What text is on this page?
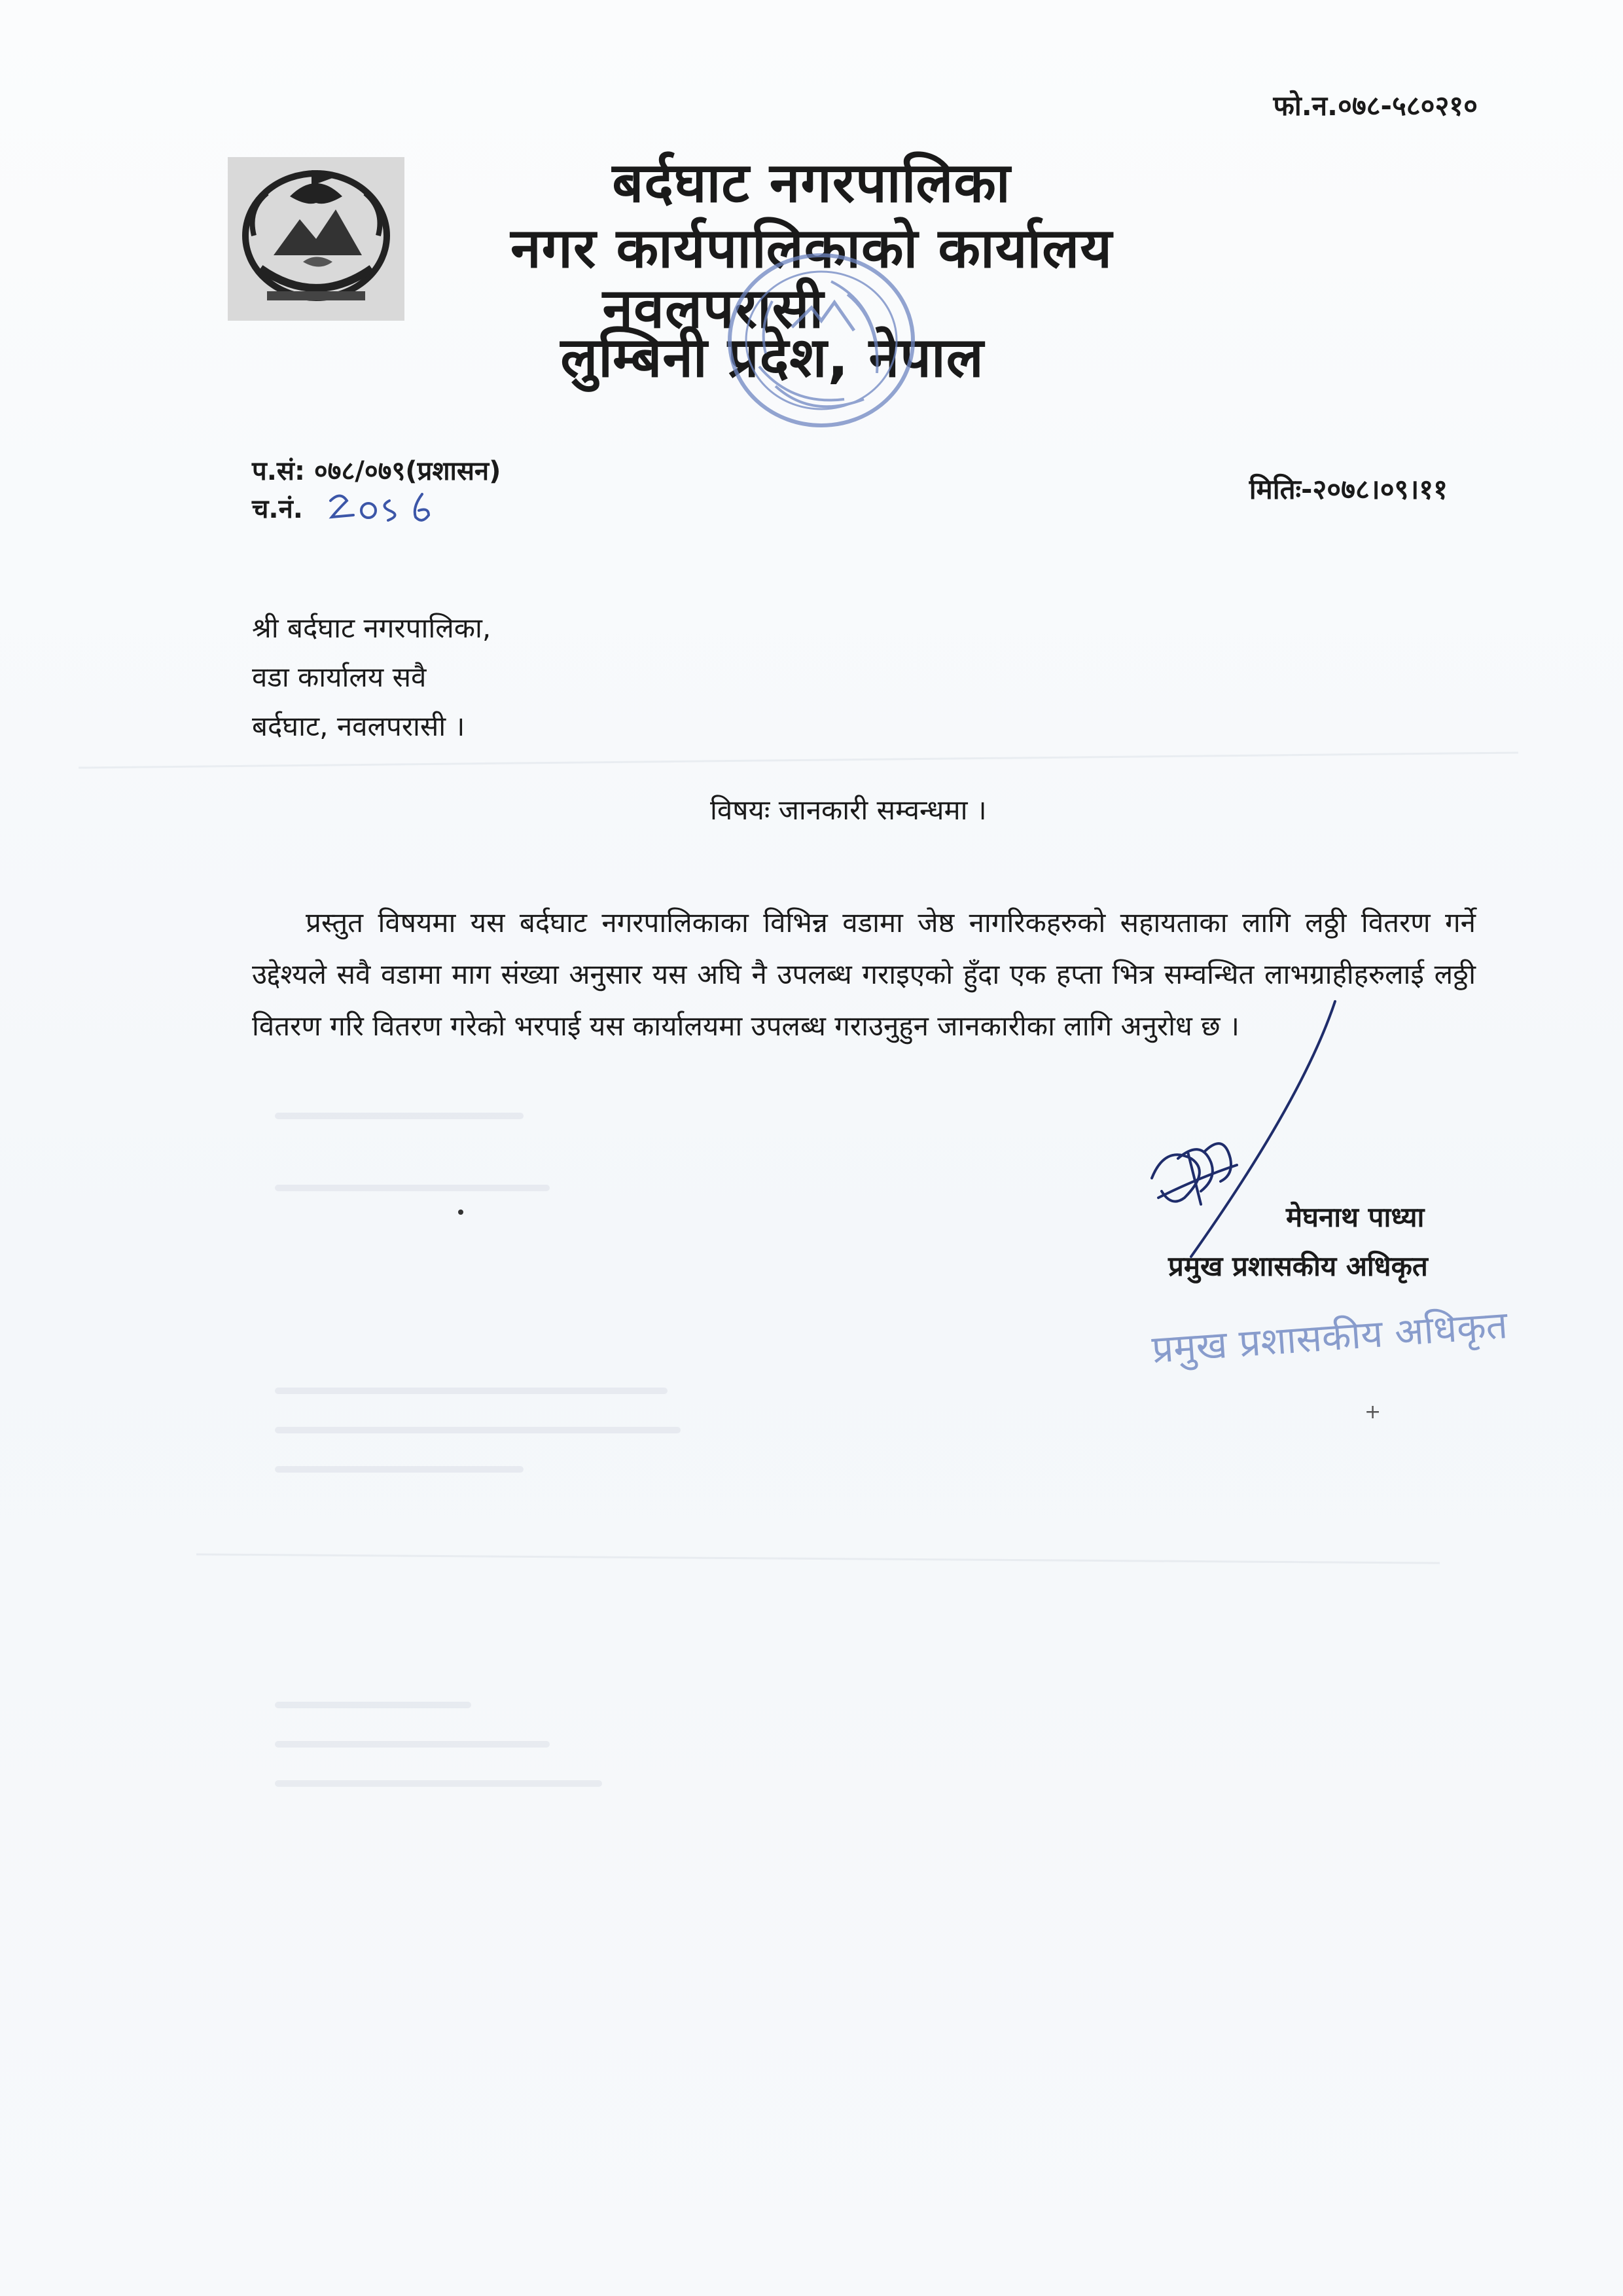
फो.न.०७८-५८०२१०
बर्दघाट नगरपालिका
नगर कार्यपालिकाको कार्यालय
नवलपरासी
लुम्बिनी प्रदेश, नेपाल
प.सं: ०७८/०७९(प्रशासन)
च.नं.
मितिः-२०७८।०९।११
श्री बर्दघाट नगरपालिका,
वडा कार्यालय सवै
बर्दघाट, नवलपरासी ।
विषयः जानकारी सम्वन्धमा ।
प्रस्तुत विषयमा यस बर्दघाट नगरपालिकाका विभिन्न वडामा जेष्ठ नागरिकहरुको सहायताका लागि लठ्ठी वितरण गर्ने उद्देश्यले सवै वडामा माग संख्या अनुसार यस अघि नै उपलब्ध गराइएको हुँदा एक हप्ता भित्र सम्वन्धित लाभग्राहीहरुलाई लठ्ठी वितरण गरि वितरण गरेको भरपाई यस कार्यालयमा उपलब्ध गराउनुहुन जानकारीका लागि अनुरोध छ ।
मेघनाथ पाध्या
प्रमुख प्रशासकीय अधिकृत
प्रमुख प्रशासकीय अधिकृत
+
